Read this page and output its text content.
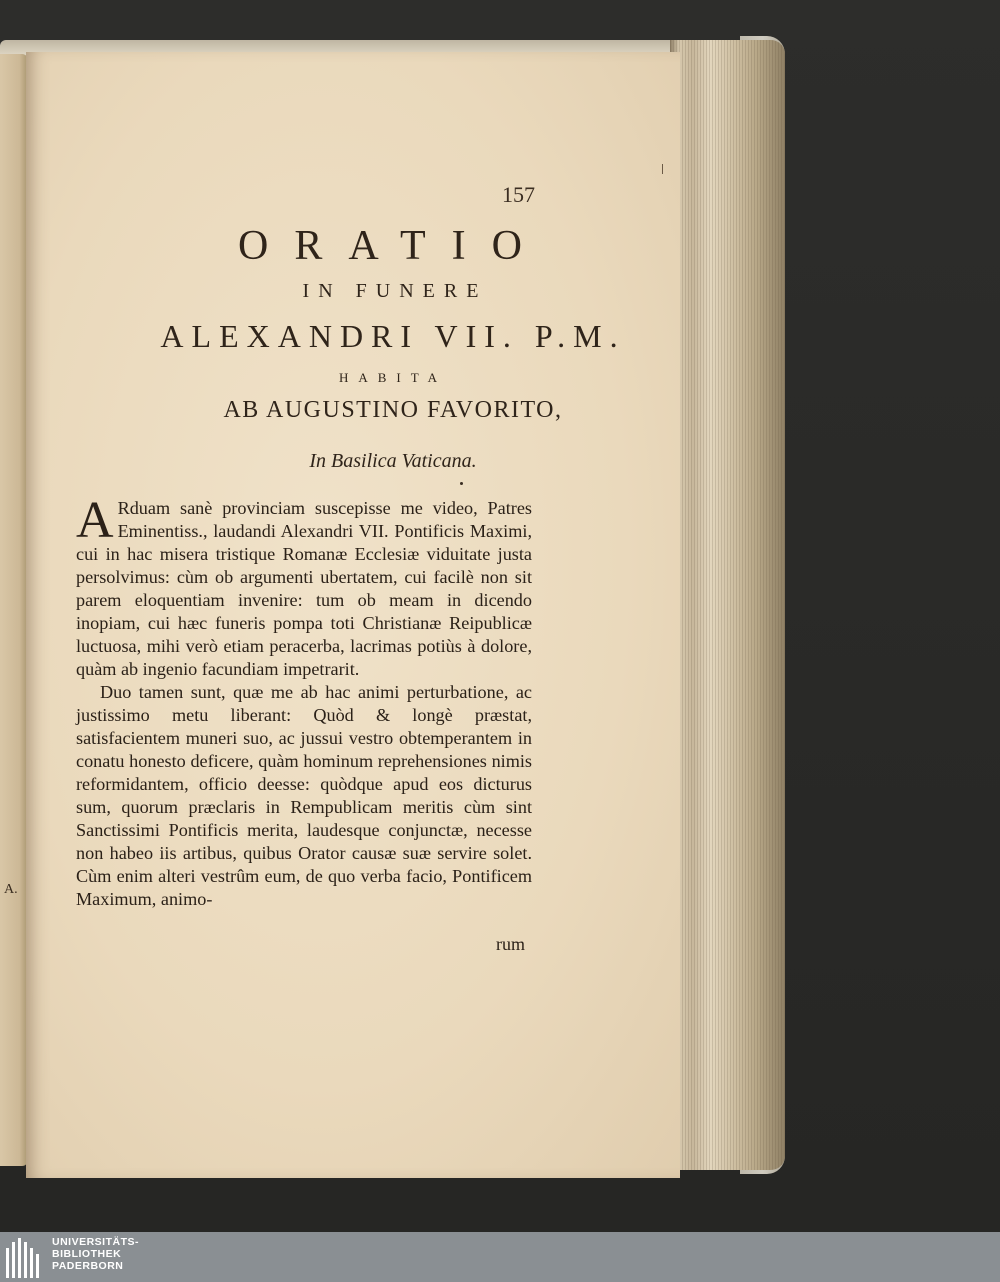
A.
157
ORATIO
IN FUNERE
ALEXANDRI VII. P.M.
HABITA
AB AUGUSTINO FAVORITO,
In Basilica Vaticana.

A Rduam sanè provinciam suscepisse me video, Patres Eminentiss., laudandi Alexandri VII. Pontificis Maximi, cui in hac misera tristique Romanæ Ecclesiæ viduitate justa persolvimus: cùm ob argumenti ubertatem, cui facilè non sit parem eloquentiam invenire: tum ob meam in dicendo inopiam, cui hæc funeris pompa toti Christianæ Reipublicæ luctuosa, mihi verò etiam peracerba, lacrimas potiùs à dolore, quàm ab ingenio facundiam impetrarit.

Duo tamen sunt, quæ me ab hac animi perturbatione, ac justissimo metu liberant: Quòd & longè præstat, satisfacientem muneri suo, ac jussui vestro obtemperantem in conatu honesto deficere, quàm hominum reprehensiones nimis reformidantem, officio deesse: quòdque apud eos dicturus sum, quorum præclaris in Rempublicam meritis cùm sint Sanctissimi Pontificis merita, laudesque conjunctæ, necesse non habeo iis artibus, quibus Orator causæ suæ servire solet. Cùm enim alteri vestrûm eum, de quo verba facio, Pontificem Maximum, animo-

rum
UNIVERSITÄTS-
BIBLIOTHEK
PADERBORN
